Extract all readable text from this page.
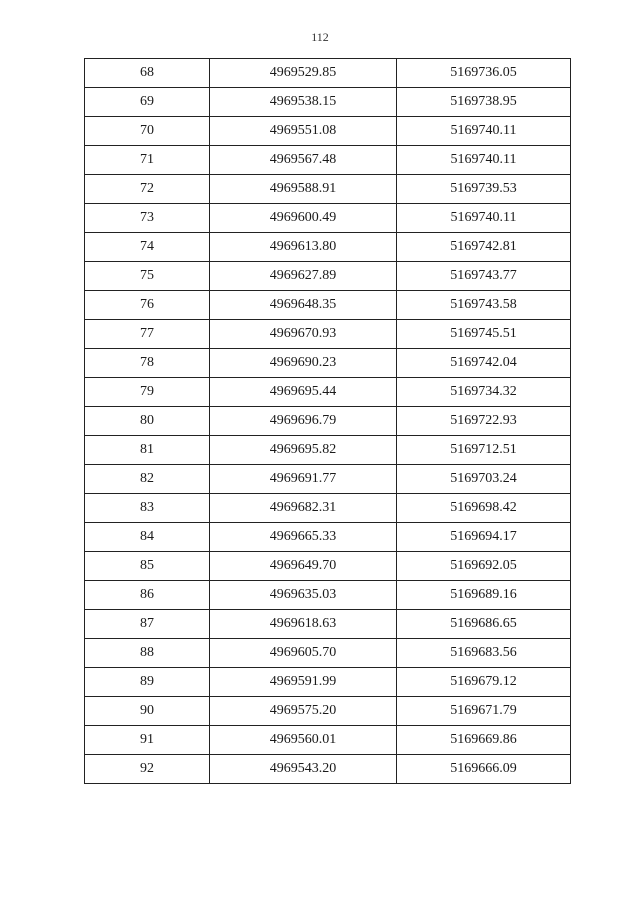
112
68	4969529.85	5169736.05
69	4969538.15	5169738.95
70	4969551.08	5169740.11
71	4969567.48	5169740.11
72	4969588.91	5169739.53
73	4969600.49	5169740.11
74	4969613.80	5169742.81
75	4969627.89	5169743.77
76	4969648.35	5169743.58
77	4969670.93	5169745.51
78	4969690.23	5169742.04
79	4969695.44	5169734.32
80	4969696.79	5169722.93
81	4969695.82	5169712.51
82	4969691.77	5169703.24
83	4969682.31	5169698.42
84	4969665.33	5169694.17
85	4969649.70	5169692.05
86	4969635.03	5169689.16
87	4969618.63	5169686.65
88	4969605.70	5169683.56
89	4969591.99	5169679.12
90	4969575.20	5169671.79
91	4969560.01	5169669.86
92	4969543.20	5169666.09
